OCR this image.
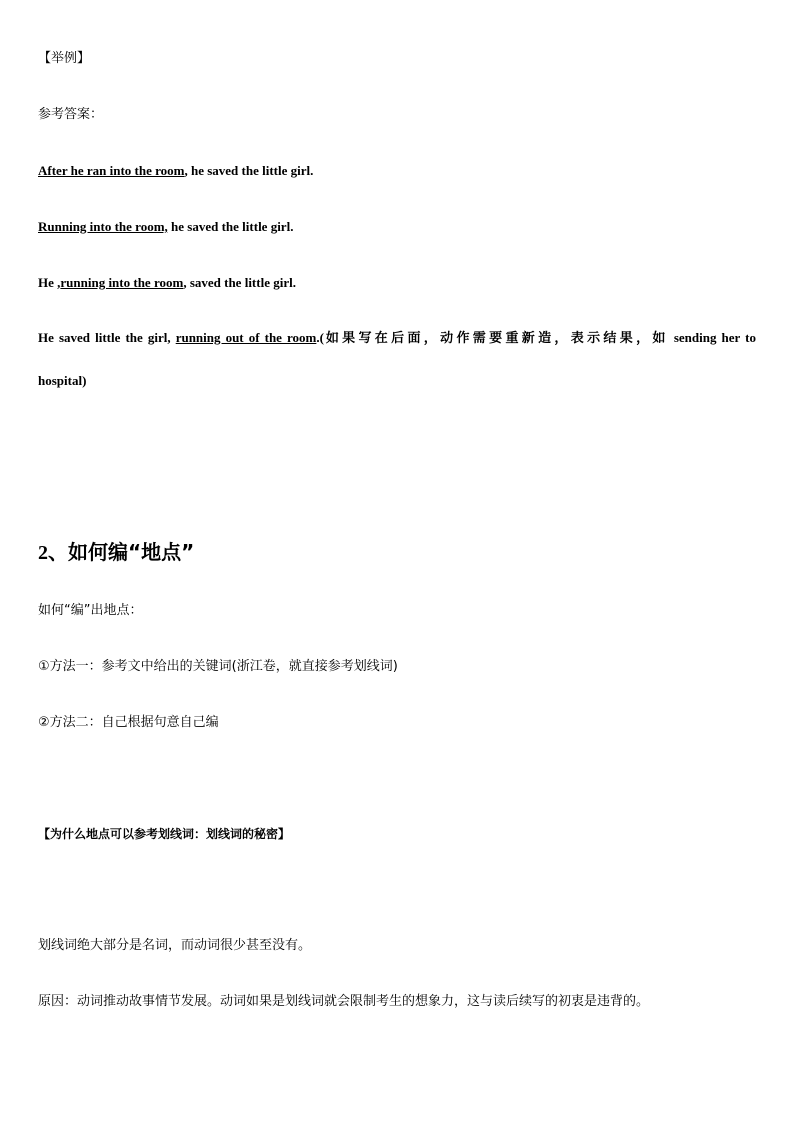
【举例】
参考答案：
After he ran into the room, he saved the little girl.
Running into the room, he saved the little girl.
He ,running into the room, saved the little girl.
He saved little the girl, running out of the room.(如果写在后面，动作需要重新造，表示结果，如 sending her to
hospital)
2、如何编“地点”
如何“编”出地点：
①方法一：参考文中给出的关键词(浙江卷，就直接参考划线词)
②方法二：自己根据句意自己编
【为什么地点可以参考划线词：划线词的秘密】
划线词绝大部分是名词，而动词很少甚至没有。
原因：动词推动故事情节发展。动词如果是划线词就会限制考生的想象力，这与读后续写的初衷是违背的。
